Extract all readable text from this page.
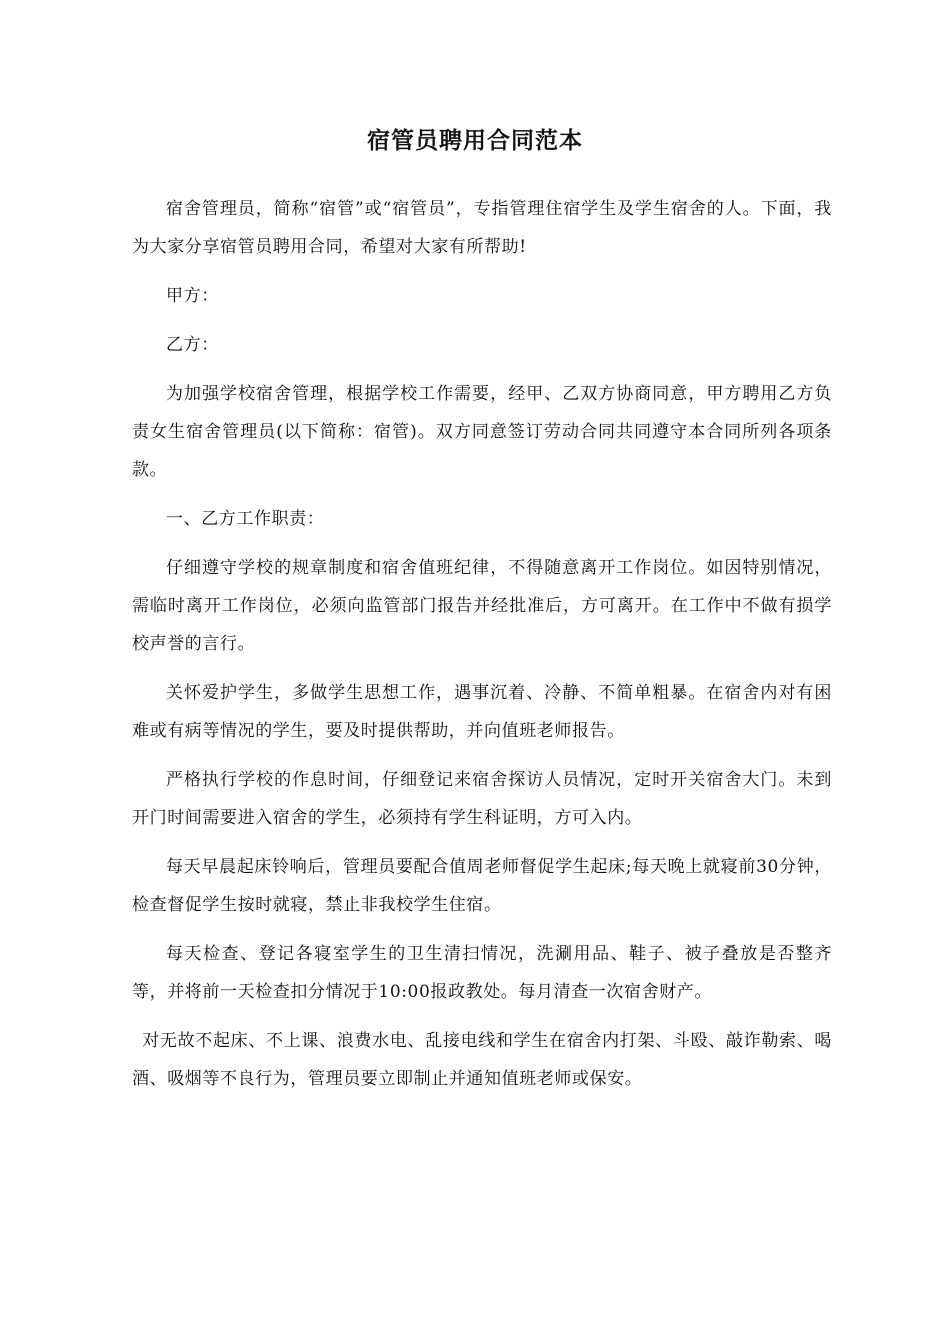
宿管员聘用合同范本

宿舍管理员，简称“宿管”或“宿管员”，专指管理住宿学生及学生宿舍的人。下面，我为大家分享宿管员聘用合同，希望对大家有所帮助!

甲方：

乙方：

为加强学校宿舍管理，根据学校工作需要，经甲、乙双方协商同意，甲方聘用乙方负责女生宿舍管理员(以下简称：宿管)。双方同意签订劳动合同共同遵守本合同所列各项条款。

一、乙方工作职责：

仔细遵守学校的规章制度和宿舍值班纪律，不得随意离开工作岗位。如因特别情况，需临时离开工作岗位，必须向监管部门报告并经批准后，方可离开。在工作中不做有损学校声誉的言行。

关怀爱护学生，多做学生思想工作，遇事沉着、冷静、不简单粗暴。在宿舍内对有困难或有病等情况的学生，要及时提供帮助，并向值班老师报告。

严格执行学校的作息时间，仔细登记来宿舍探访人员情况，定时开关宿舍大门。未到开门时间需要进入宿舍的学生，必须持有学生科证明，方可入内。

每天早晨起床铃响后，管理员要配合值周老师督促学生起床;每天晚上就寝前30分钟，检查督促学生按时就寝，禁止非我校学生住宿。

每天检查、登记各寝室学生的卫生清扫情况，洗涮用品、鞋子、被子叠放是否整齐等，并将前一天检查扣分情况于10:00报政教处。每月清查一次宿舍财产。

对无故不起床、不上课、浪费水电、乱接电线和学生在宿舍内打架、斗殴、敲诈勒索、喝酒、吸烟等不良行为，管理员要立即制止并通知值班老师或保安。
